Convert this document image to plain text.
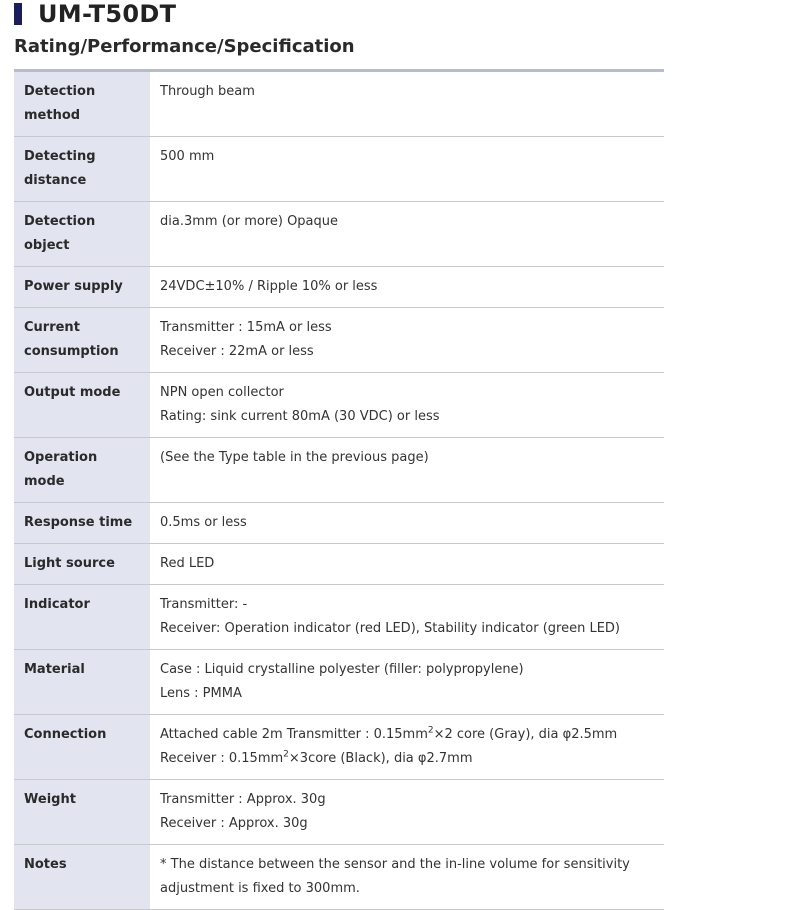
UM-T50DT
Rating/Performance/Specification
Detection method	Through beam

Detecting distance	500 mm

Detection object	dia.3mm (or more) Opaque

Power supply	24VDC±10% / Ripple 10% or less

Current consumption	Transmitter : 15mA or less
Receiver : 22mA or less

Output mode	NPN open collector
Rating: sink current 80mA (30 VDC) or less

Operation mode	(See the Type table in the previous page)

Response time	0.5ms or less

Light source	Red LED

Indicator	Transmitter: -
Receiver: Operation indicator (red LED), Stability indicator (green LED)

Material	Case : Liquid crystalline polyester (filler: polypropylene)
Lens : PMMA

Connection	Attached cable 2m Transmitter : $0.15mm^2\times 2$ core (Gray), dia φ2.5mm
Receiver : $0.15mm^2\times 3core$ (Black), dia φ2.7mm

Weight	Transmitter : Approx. 30g
Receiver : Approx. 30g

Notes	* The distance between the sensor and the in-line volume for sensitivity adjustment is fixed to 300mm.
